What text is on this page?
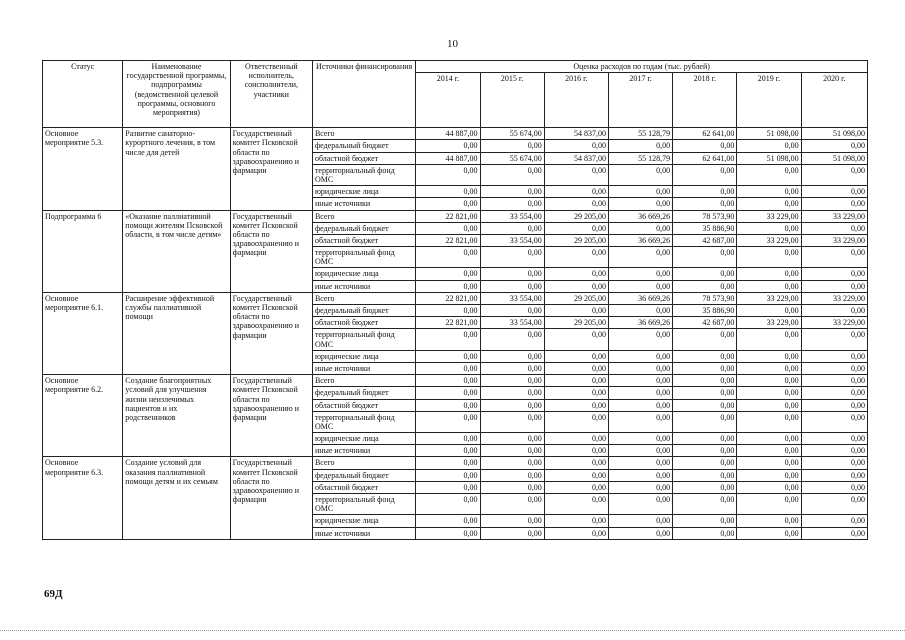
10
Статус	Наименование государственной программы, подпрограммы (ведомственной целевой программы, основного мероприятия)	Ответственный исполнитель, соисполнители, участники	Источники финансирования	Оценка расходов по годам (тыс. рублей)						
				2014 г.	2015 г.	2016 г.	2017 г.	2018 г.	2019 г.	2020 г.
Основное мероприятие 5.3.	Развитие санаторно-курортного лечения, в том числе для детей	Государственный комитет Псковской области по здравоохранению и фармации	Всего	44 887,00	55 674,00	54 837,00	55 128,79	62 641,00	51 098,00	51 098,00
			федеральный бюджет	0,00	0,00	0,00	0,00	0,00	0,00	0,00
			областной бюджет	44 887,00	55 674,00	54 837,00	55 128,79	62 641,00	51 098,00	51 098,00
			территориальный фонд ОМС	0,00	0,00	0,00	0,00	0,00	0,00	0,00
			юридические лица	0,00	0,00	0,00	0,00	0,00	0,00	0,00
			иные источники	0,00	0,00	0,00	0,00	0,00	0,00	0,00
Подпрограмма 6	«Оказание паллиативной помощи жителям Псковской области, в том числе детям»	Государственный комитет Псковской области по здравоохранению и фармации	Всего	22 821,00	33 554,00	29 205,00	36 669,26	78 573,90	33 229,00	33 229,00
			федеральный бюджет	0,00	0,00	0,00	0,00	35 886,90	0,00	0,00
			областной бюджет	22 821,00	33 554,00	29 205,00	36 669,26	42 687,00	33 229,00	33 229,00
			территориальный фонд ОМС	0,00	0,00	0,00	0,00	0,00	0,00	0,00
			юридические лица	0,00	0,00	0,00	0,00	0,00	0,00	0,00
			иные источники	0,00	0,00	0,00	0,00	0,00	0,00	0,00
Основное мероприятие 6.1.	Расширение эффективной службы паллиативной помощи	Государственный комитет Псковской области по здравоохранению и фармации	Всего	22 821,00	33 554,00	29 205,00	36 669,26	78 573,90	33 229,00	33 229,00
			федеральный бюджет	0,00	0,00	0,00	0,00	35 886,90	0,00	0,00
			областной бюджет	22 821,00	33 554,00	29 205,00	36 669,26	42 687,00	33 229,00	33 229,00
			территориальный фонд ОМС	0,00	0,00	0,00	0,00	0,00	0,00	0,00
			юридические лица	0,00	0,00	0,00	0,00	0,00	0,00	0,00
			иные источники	0,00	0,00	0,00	0,00	0,00	0,00	0,00
Основное мероприятие 6.2.	Создание благоприятных условий для улучшения жизни неизлечимых пациентов и их родственников	Государственный комитет Псковской области по здравоохранению и фармации	Всего	0,00	0,00	0,00	0,00	0,00	0,00	0,00
			федеральный бюджет	0,00	0,00	0,00	0,00	0,00	0,00	0,00
			областной бюджет	0,00	0,00	0,00	0,00	0,00	0,00	0,00
			территориальный фонд ОМС	0,00	0,00	0,00	0,00	0,00	0,00	0,00
			юридические лица	0,00	0,00	0,00	0,00	0,00	0,00	0,00
			иные источники	0,00	0,00	0,00	0,00	0,00	0,00	0,00
Основное мероприятие 6.3.	Создание условий для оказания паллиативной помощи детям и их семьям	Государственный комитет Псковской области по здравоохранению и фармации	Всего	0,00	0,00	0,00	0,00	0,00	0,00	0,00
			федеральный бюджет	0,00	0,00	0,00	0,00	0,00	0,00	0,00
			областной бюджет	0,00	0,00	0,00	0,00	0,00	0,00	0,00
			территориальный фонд ОМС	0,00	0,00	0,00	0,00	0,00	0,00	0,00
			юридические лица	0,00	0,00	0,00	0,00	0,00	0,00	0,00
			иные источники	0,00	0,00	0,00	0,00	0,00	0,00	0,00
69Д
